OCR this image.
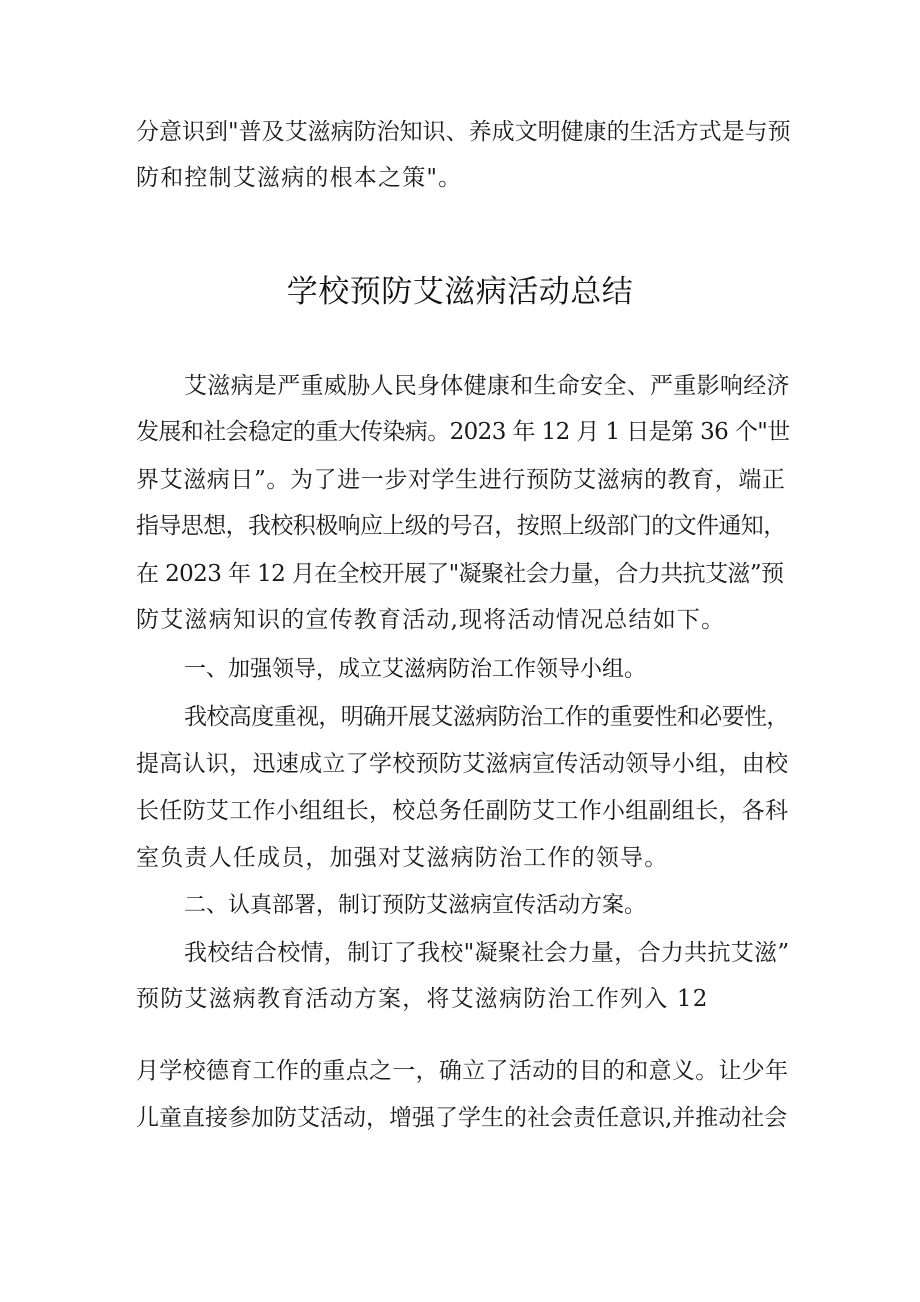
分意识到"普及艾滋病防治知识、养成文明健康的生活方式是与预
防和控制艾滋病的根本之策"。
学校预防艾滋病活动总结
艾滋病是严重威胁人民身体健康和生命安全、严重影响经济
发展和社会稳定的重大传染病。2023 年 12 月 1 日是第 36 个"世
界艾滋病日”。为了进一步对学生进行预防艾滋病的教育，端正
指导思想，我校积极响应上级的号召，按照上级部门的文件通知，
在 2023 年 12 月在全校开展了"凝聚社会力量，合力共抗艾滋”预
防艾滋病知识的宣传教育活动,现将活动情况总结如下。
一、加强领导，成立艾滋病防治工作领导小组。
我校高度重视，明确开展艾滋病防治工作的重要性和必要性，
提高认识，迅速成立了学校预防艾滋病宣传活动领导小组，由校
长任防艾工作小组组长，校总务任副防艾工作小组副组长，各科
室负责人任成员，加强对艾滋病防治工作的领导。
二、认真部署，制订预防艾滋病宣传活动方案。
我校结合校情，制订了我校"凝聚社会力量，合力共抗艾滋”
预防艾滋病教育活动方案，将艾滋病防治工作列入 12
月学校德育工作的重点之一，确立了活动的目的和意义。让少年
儿童直接参加防艾活动，增强了学生的社会责任意识,并推动社会
